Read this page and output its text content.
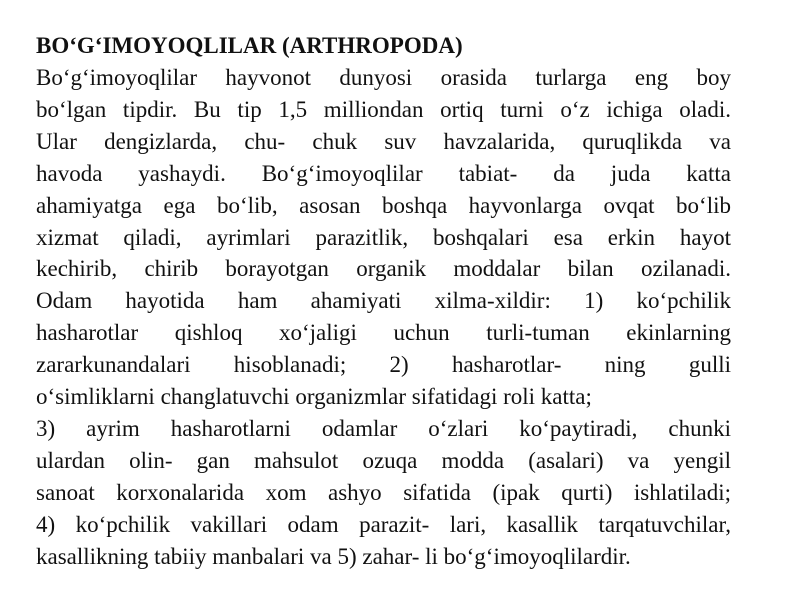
BO‘G‘IMOYOQLILAR (ARTHROPODA)
Bo‘g‘imoyoqlilar hayvonot dunyosi orasida turlarga eng boy
bo‘lgan tipdir. Bu tip 1,5 milliondan ortiq turni o‘z ichiga oladi.
Ular dengizlarda, chu- chuk suv havzalarida, quruqlikda va
havoda yashaydi. Bo‘g‘imoyoqlilar tabiat- da juda katta
ahamiyatga ega bo‘lib, asosan boshqa hayvonlarga ovqat bo‘lib
xizmat qiladi, ayrimlari parazitlik, boshqalari esa erkin hayot
kechirib, chirib borayotgan organik moddalar bilan ozilanadi.
Odam hayotida ham ahamiyati xilma-xildir: 1) ko‘pchilik
hasharotlar qishloq xo‘jaligi uchun turli-tuman ekinlarning
zararkunandalari hisoblanadi; 2) hasharotlar- ning gulli
o‘simliklarni changlatuvchi organizmlar sifatidagi roli katta;
3) ayrim hasharotlarni odamlar o‘zlari ko‘paytiradi, chunki
ulardan olin- gan mahsulot ozuqa modda (asalari) va yengil
sanoat korxonalarida xom ashyo sifatida (ipak qurti) ishlatiladi;
4) ko‘pchilik vakillari odam parazit- lari, kasallik tarqatuvchilar,
kasallikning tabiiy manbalari va 5) zahar- li bo‘g‘imoyoqlilardir.
